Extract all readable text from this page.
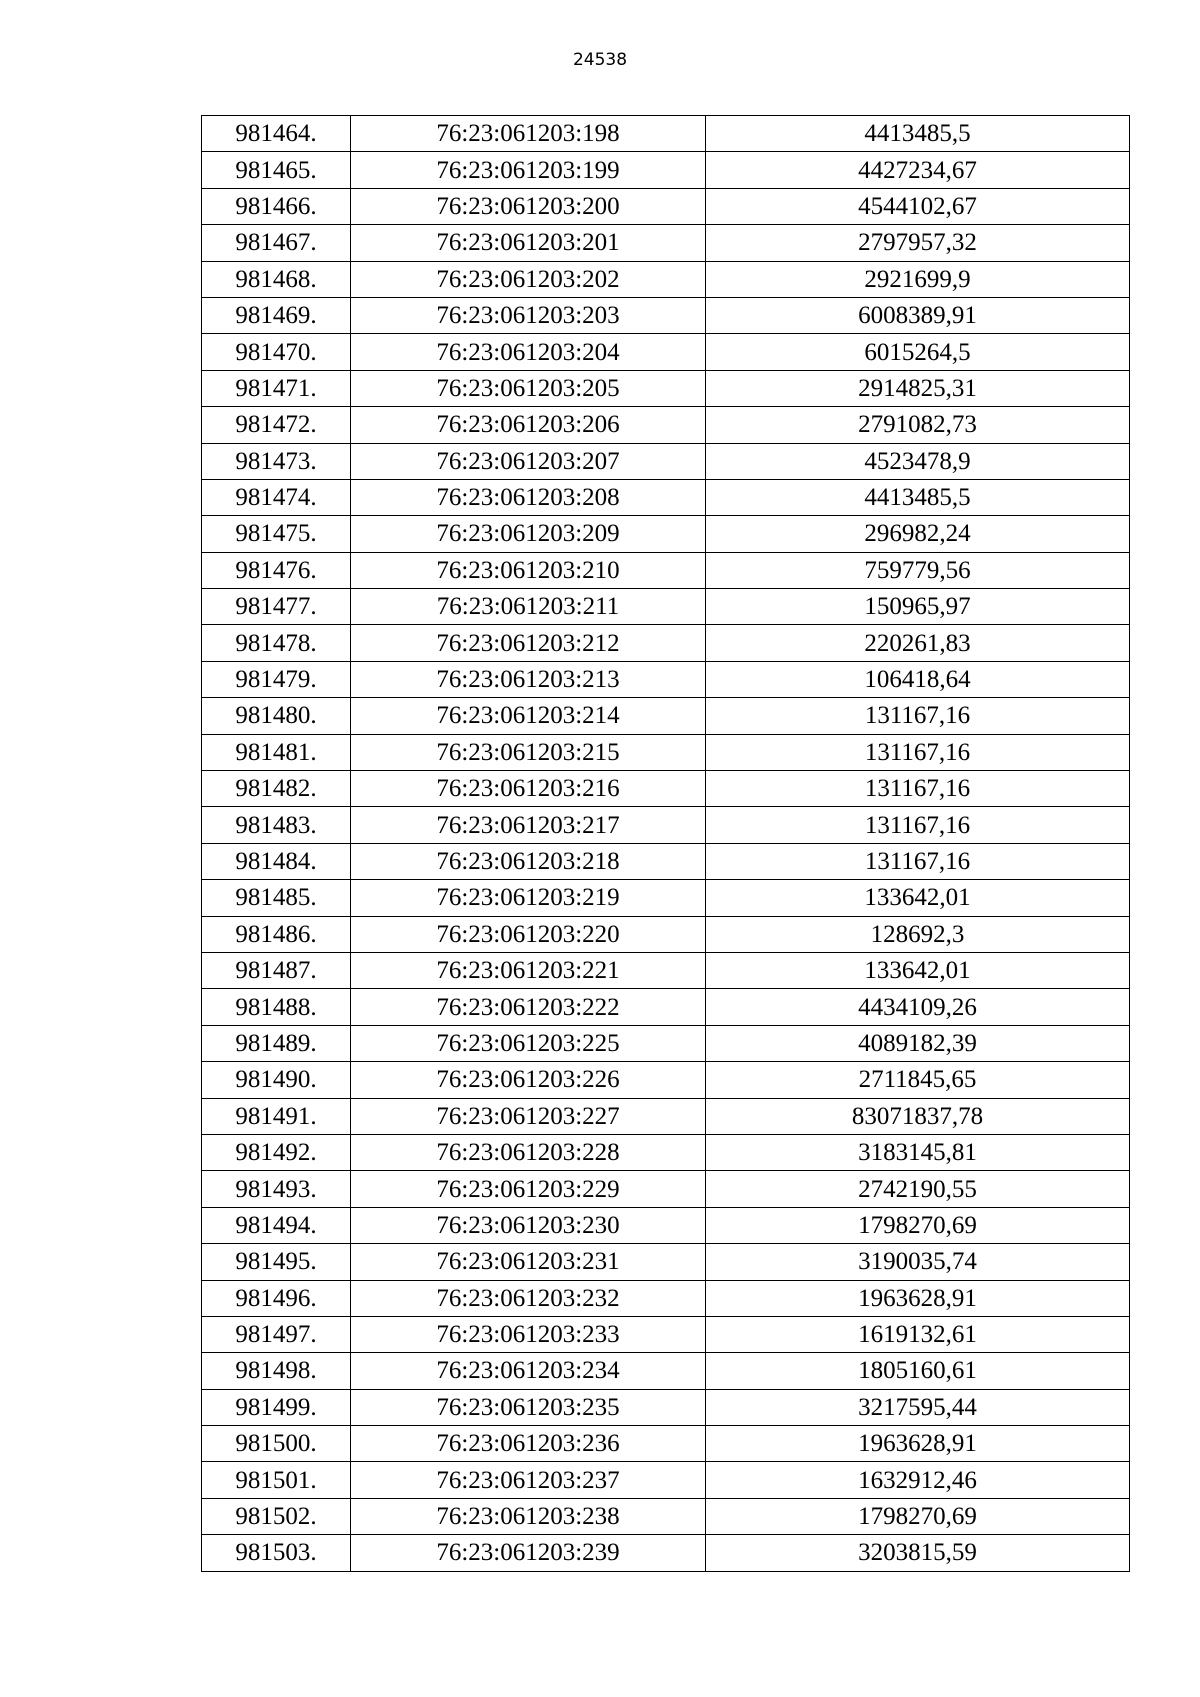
24538
981464.	76:23:061203:198	4413485,5
981465.	76:23:061203:199	4427234,67
981466.	76:23:061203:200	4544102,67
981467.	76:23:061203:201	2797957,32
981468.	76:23:061203:202	2921699,9
981469.	76:23:061203:203	6008389,91
981470.	76:23:061203:204	6015264,5
981471.	76:23:061203:205	2914825,31
981472.	76:23:061203:206	2791082,73
981473.	76:23:061203:207	4523478,9
981474.	76:23:061203:208	4413485,5
981475.	76:23:061203:209	296982,24
981476.	76:23:061203:210	759779,56
981477.	76:23:061203:211	150965,97
981478.	76:23:061203:212	220261,83
981479.	76:23:061203:213	106418,64
981480.	76:23:061203:214	131167,16
981481.	76:23:061203:215	131167,16
981482.	76:23:061203:216	131167,16
981483.	76:23:061203:217	131167,16
981484.	76:23:061203:218	131167,16
981485.	76:23:061203:219	133642,01
981486.	76:23:061203:220	128692,3
981487.	76:23:061203:221	133642,01
981488.	76:23:061203:222	4434109,26
981489.	76:23:061203:225	4089182,39
981490.	76:23:061203:226	2711845,65
981491.	76:23:061203:227	83071837,78
981492.	76:23:061203:228	3183145,81
981493.	76:23:061203:229	2742190,55
981494.	76:23:061203:230	1798270,69
981495.	76:23:061203:231	3190035,74
981496.	76:23:061203:232	1963628,91
981497.	76:23:061203:233	1619132,61
981498.	76:23:061203:234	1805160,61
981499.	76:23:061203:235	3217595,44
981500.	76:23:061203:236	1963628,91
981501.	76:23:061203:237	1632912,46
981502.	76:23:061203:238	1798270,69
981503.	76:23:061203:239	3203815,59
